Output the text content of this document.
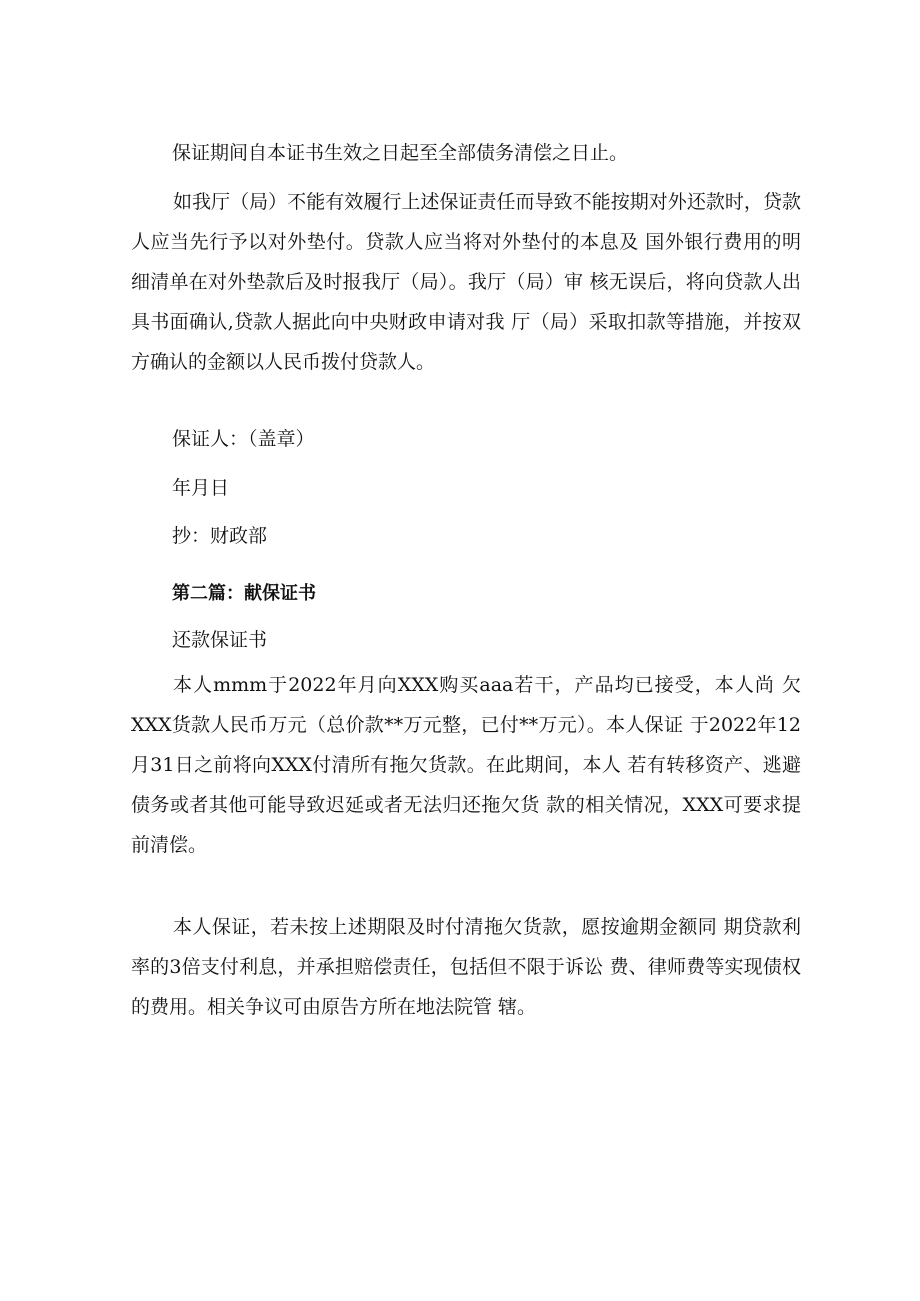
保证期间自本证书生效之日起至全部债务清偿之日止。

如我厅（局）不能有效履行上述保证责任而导致不能按期对外还款时，贷款人应当先行予以对外垫付。贷款人应当将对外垫付的本息及 国外银行费用的明细清单在对外垫款后及时报我厅（局）。我厅（局）审 核无误后，将向贷款人出具书面确认,贷款人据此向中央财政申请对我 厅（局）采取扣款等措施，并按双方确认的金额以人民币拨付贷款人。

保证人：（盖章）

年月日

抄：财政部

第二篇：献保证书

还款保证书

本人mmm于2022年月向XXX购买aaa若干，产品均已接受，本人尚 欠XXX货款人民币万元（总价款**万元整，已付**万元）。本人保证 于2022年12月31日之前将向XXX付清所有拖欠货款。在此期间，本人 若有转移资产、逃避债务或者其他可能导致迟延或者无法归还拖欠货 款的相关情况，XXX可要求提前清偿。

本人保证，若未按上述期限及时付清拖欠货款，愿按逾期金额同 期贷款利率的3倍支付利息，并承担赔偿责任，包括但不限于诉讼 费、律师费等实现债权的费用。相关争议可由原告方所在地法院管 辖。
